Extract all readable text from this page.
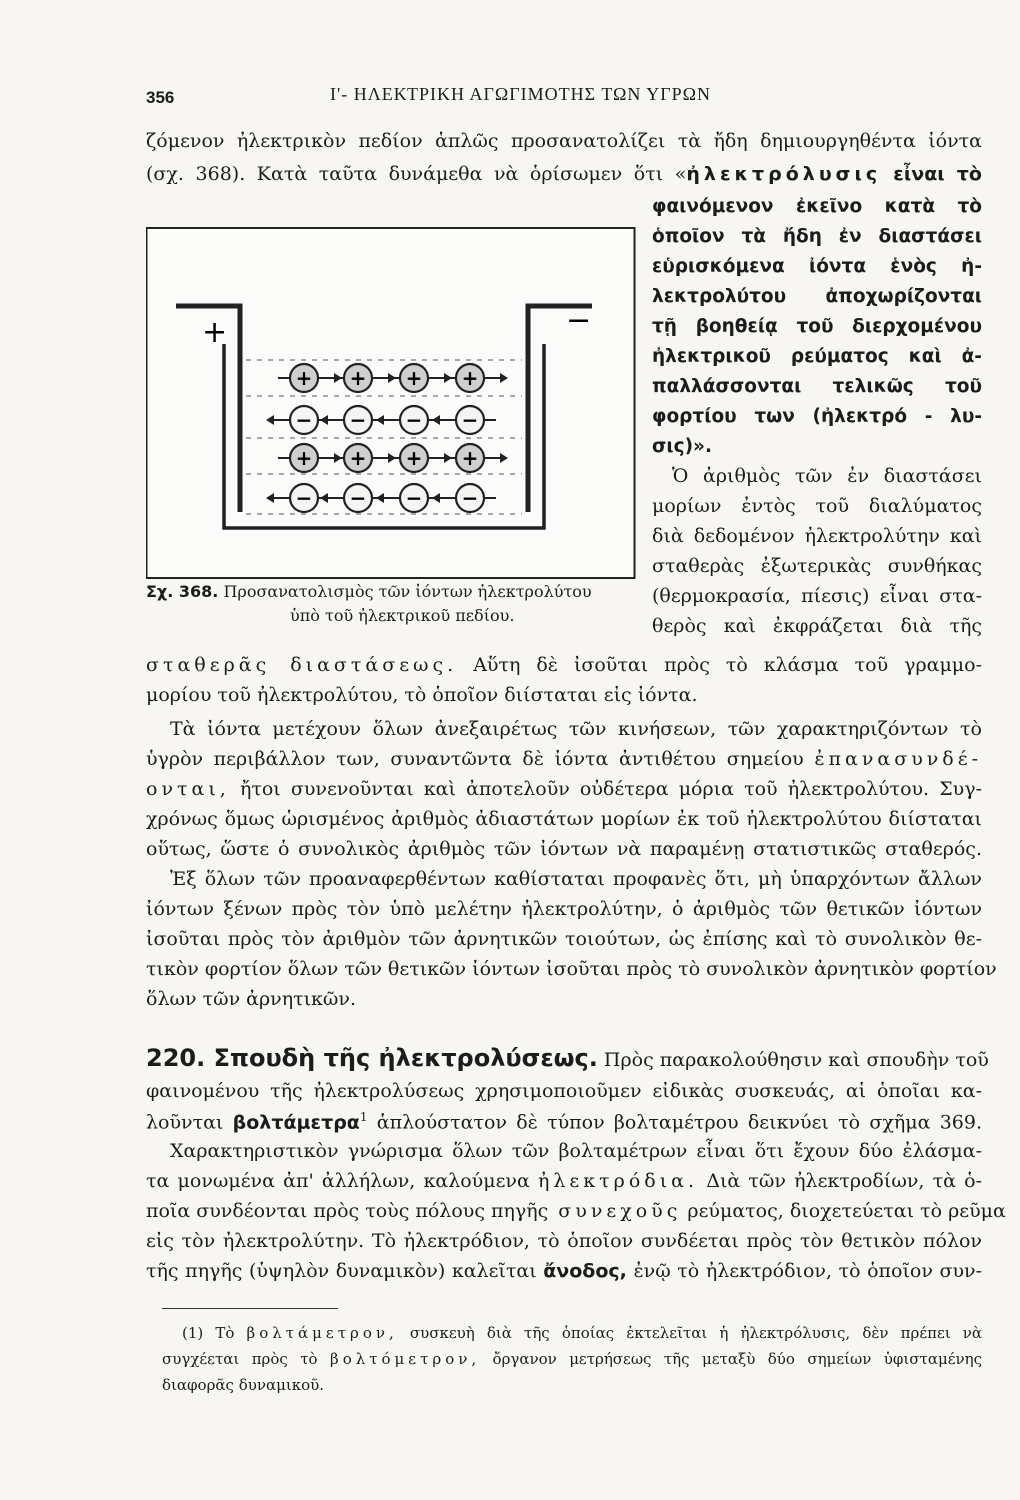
356	Ι'- ΗΛΕΚΤΡΙΚΗ ΑΓΩΓΙΜΟΤΗΣ ΤΩΝ ΥΓΡΩΝ
ζόμενον ἠλεκτρικὸν πεδίον ἁπλῶς προσανατολίζει τὰ ἤδη δημιουργηθέντα ἰόντα
(σχ. 368). Κατὰ ταῦτα δυνάμεθα νὰ ὁρίσωμεν ὅτι «ἠλεκτρόλυσις εἶναι τὸ
+	−
+ + + +
− − − −
+ + + +
− − − −
Σχ. 368. Προσανατολισμὸς τῶν ἰόντων ἠλεκτρολύτου
ὑπὸ τοῦ ἠλεκτρικοῦ πεδίου.
φαινόμενον ἐκεῖνο κατὰ τὸ
ὁποῖον τὰ ἤδη ἐν διαστάσει
εὑρισκόμενα ἰόντα ἑνὸς ἠ-
λεκτρολύτου ἀποχωρίζονται
τῇ βοηθείᾳ τοῦ διερχομένου
ἠλεκτρικοῦ ρεύματος καὶ ἀ-
παλλάσσονται τελικῶς τοῦ
φορτίου των (ἠλεκτρό - λυ-
σις)».
Ὁ ἀριθμὸς τῶν ἐν διαστάσει
μορίων ἐντὸς τοῦ διαλύματος
διὰ δεδομένον ἠλεκτρολύτην καὶ
σταθερὰς ἐξωτερικὰς συνθήκας
(θερμοκρασία, πίεσις) εἶναι στα-
θερὸς καὶ ἐκφράζεται διὰ τῆς
σταθερᾶς διαστάσεως. Αὕτη δὲ ἰσοῦται πρὸς τὸ κλάσμα τοῦ γραμμο-
μορίου τοῦ ἠλεκτρολύτου, τὸ ὁποῖον διίσταται εἰς ἰόντα.
Τὰ ἰόντα μετέχουν ὅλων ἀνεξαιρέτως τῶν κινήσεων, τῶν χαρακτηριζόντων τὸ
ὑγρὸν περιβάλλον των, συναντῶντα δὲ ἰόντα ἀντιθέτου σημείου ἐπανασυνδέ-
ονται, ἤτοι συνενοῦνται καὶ ἀποτελοῦν οὐδέτερα μόρια τοῦ ἠλεκτρολύτου. Συγ-
χρόνως ὅμως ὡρισμένος ἀριθμὸς ἀδιαστάτων μορίων ἐκ τοῦ ἠλεκτρολύτου διίσταται
οὕτως, ὥστε ὁ συνολικὸς ἀριθμὸς τῶν ἰόντων νὰ παραμένῃ στατιστικῶς σταθερός.
Ἐξ ὅλων τῶν προαναφερθέντων καθίσταται προφανὲς ὅτι, μὴ ὑπαρχόντων ἄλλων
ἰόντων ξένων πρὸς τὸν ὑπὸ μελέτην ἠλεκτρολύτην, ὁ ἀριθμὸς τῶν θετικῶν ἰόντων
ἰσοῦται πρὸς τὸν ἀριθμὸν τῶν ἀρνητικῶν τοιούτων, ὡς ἐπίσης καὶ τὸ συνολικὸν θε-
τικὸν φορτίον ὅλων τῶν θετικῶν ἰόντων ἰσοῦται πρὸς τὸ συνολικὸν ἀρνητικὸν φορτίον
ὅλων τῶν ἀρνητικῶν.
220. Σπουδὴ τῆς ἠλεκτρολύσεως. Πρὸς παρακολούθησιν καὶ σπουδὴν τοῦ
φαινομένου τῆς ἠλεκτρολύσεως χρησιμοποιοῦμεν εἰδικὰς συσκευάς, αἱ ὁποῖαι κα-
λοῦνται βολτάμετρα$^1$ ἁπλούστατον δὲ τύπον βολταμέτρου δεικνύει τὸ σχῆμα 369.
Χαρακτηριστικὸν γνώρισμα ὅλων τῶν βολταμέτρων εἶναι ὅτι ἔχουν δύο ἐλάσμα-
τα μονωμένα ἀπ' ἀλλήλων, καλούμενα ἠλεκτρόδια. Διὰ τῶν ἠλεκτροδίων, τὰ ὁ-
ποῖα συνδέονται πρὸς τοὺς πόλους πηγῆς συνεχοῦς ρεύματος, διοχετεύεται τὸ ρεῦμα
εἰς τὸν ἠλεκτρολύτην. Τὸ ἠλεκτρόδιον, τὸ ὁποῖον συνδέεται πρὸς τὸν θετικὸν πόλον
τῆς πηγῆς (ὑψηλὸν δυναμικὸν) καλεῖται ἄνοδος, ἐνῷ τὸ ἠλεκτρόδιον, τὸ ὁποῖον συν-
(1) Τὸ βολτάμετρον, συσκευὴ διὰ τῆς ὁποίας ἐκτελεῖται ἡ ἠλεκτρόλυσις, δὲν πρέπει νὰ
συγχέεται πρὸς τὸ βολτόμετρον, ὄργανον μετρήσεως τῆς μεταξὺ δύο σημείων ὑφισταμένης
διαφορᾶς δυναμικοῦ.
